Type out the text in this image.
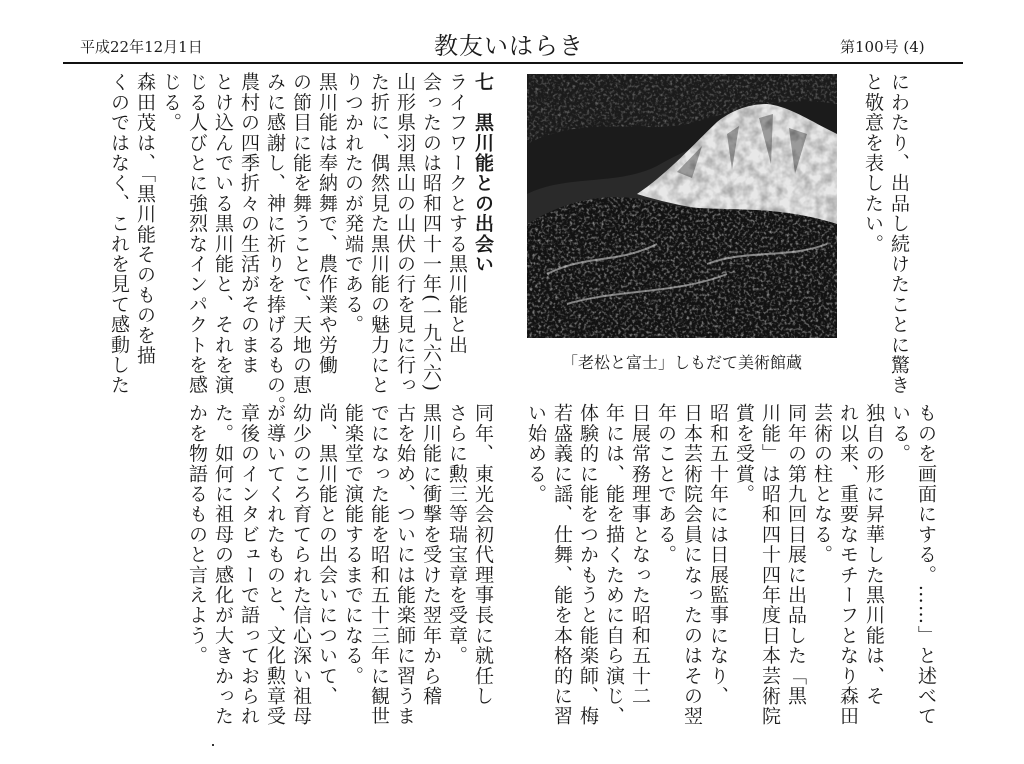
平成22年12月1日	教友いはらき	第100号 (4)
にわたり、出品し続けたことに驚き
と敬意を表したい。
七　黒川能との出会い
ライフワークとする黒川能と出
会ったのは昭和四十一年(一九六六)
山形県羽黒山の山伏の行を見に行っ
た折に、偶然見た黒川能の魅力にと
りつかれたのが発端である。
黒川能は奉納舞で、農作業や労働
の節目に能を舞うことで、天地の恵
みに感謝し、神に祈りを捧げるもの。
農村の四季折々の生活がそのまま
とけ込んでいる黒川能と、それを演
じる人びとに強烈なインパクトを感
じる。
森田茂は、「黒川能そのものを描
くのではなく、これを見て感動した
ものを画面にする。……」と述べて
いる。
独自の形に昇華した黒川能は、そ
れ以来、重要なモチーフとなり森田
芸術の柱となる。
同年の第九回日展に出品した「黒
川能」は昭和四十四年度日本芸術院
賞を受賞。
昭和五十年には日展監事になり、
日本芸術院会員になったのはその翌
年のことである。
日展常務理事となった昭和五十二
年には、能を描くために自ら演じ、
体験的に能をつかもうと能楽師、梅
若盛義に謡、仕舞、能を本格的に習
い始める。
同年、東光会初代理事長に就任し
さらに勲三等瑞宝章を受章。
黒川能に衝撃を受けた翌年から稽
古を始め、ついには能楽師に習うま
でになった能を昭和五十三年に観世
能楽堂で演能するまでになる。
尚、黒川能との出会いについて、
幼少のころ育てられた信心深い祖母
が導いてくれたものと、文化勲章受
章後のインタビューで語っておられ
た。如何に祖母の感化が大きかった
かを物語るものと言えよう。
「老松と富士」しもだて美術館蔵
